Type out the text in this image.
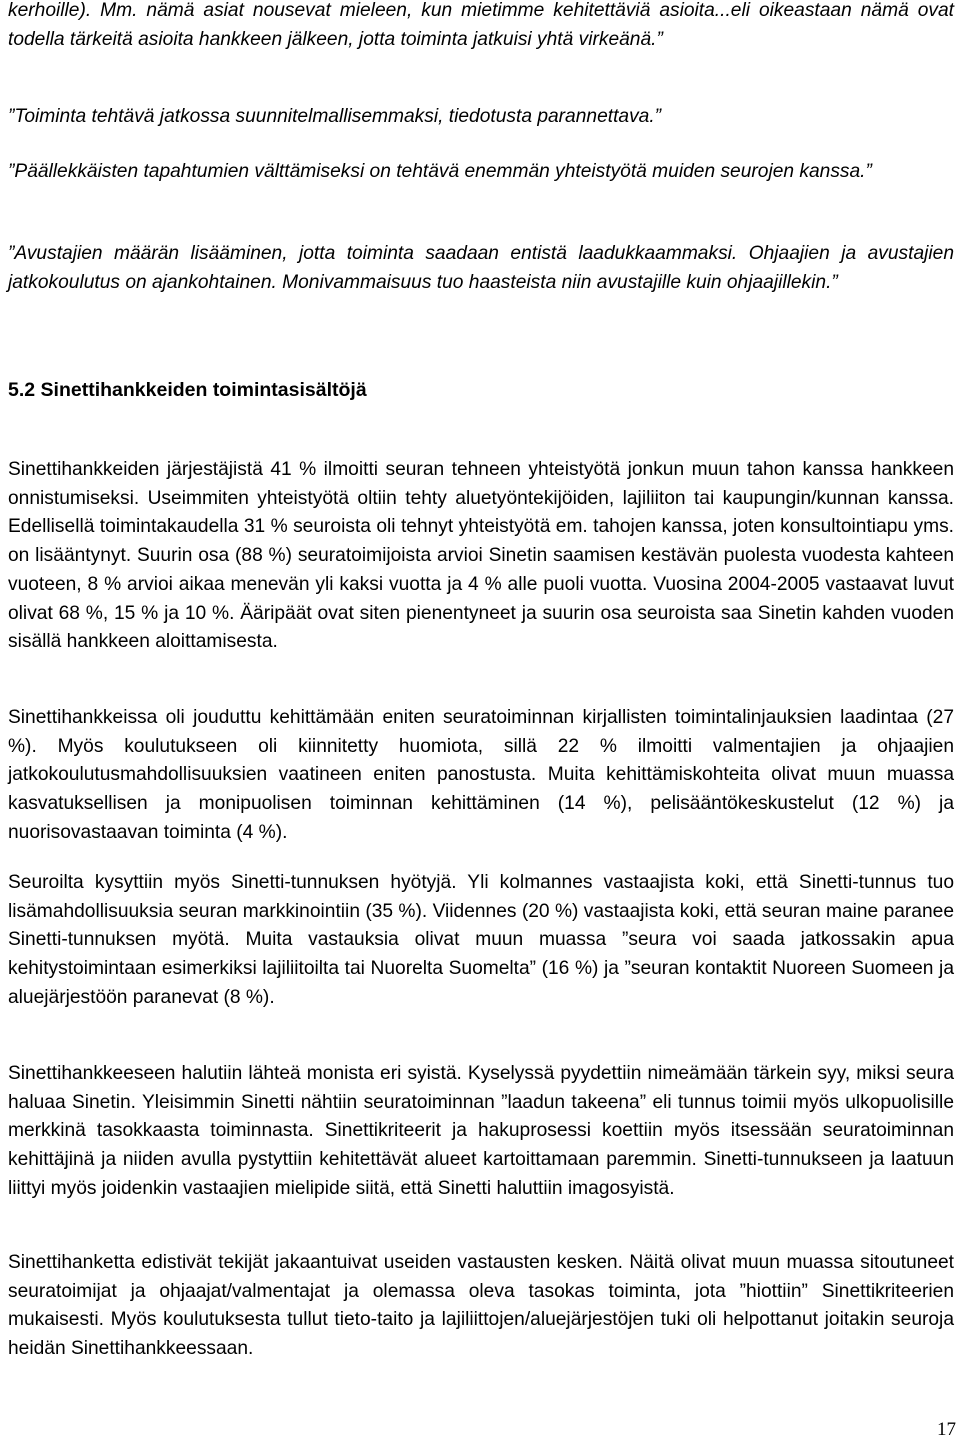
kerhoille). Mm. nämä asiat nousevat mieleen, kun mietimme kehitettäviä asioita...eli oikeastaan nämä ovat todella tärkeitä asioita hankkeen jälkeen, jotta toiminta jatkuisi yhtä virkeänä.”

”Toiminta tehtävä jatkossa suunnitelmallisemmaksi, tiedotusta parannettava.”

”Päällekkäisten tapahtumien välttämiseksi on tehtävä enemmän yhteistyötä muiden seurojen kanssa.”

”Avustajien määrän lisääminen, jotta toiminta saadaan entistä laadukkaammaksi. Ohjaajien ja avustajien jatkokoulutus on ajankohtainen. Monivammaisuus tuo haasteista niin avustajille kuin ohjaajillekin.”

5.2 Sinettihankkeiden toimintasisältöjä

Sinettihankkeiden järjestäjistä 41 % ilmoitti seuran tehneen yhteistyötä jonkun muun tahon kanssa hankkeen onnistumiseksi. Useimmiten yhteistyötä oltiin tehty aluetyöntekijöiden, lajiliiton tai kaupungin/kunnan kanssa. Edellisellä toimintakaudella 31 % seuroista oli tehnyt yhteistyötä em. tahojen kanssa, joten konsultointiapu yms. on lisääntynyt. Suurin osa (88 %) seuratoimijoista arvioi Sinetin saamisen kestävän puolesta vuodesta kahteen vuoteen, 8 % arvioi aikaa menevän yli kaksi vuotta ja 4 % alle puoli vuotta. Vuosina 2004-2005 vastaavat luvut olivat 68 %, 15 % ja 10 %. Ääripäät ovat siten pienentyneet ja suurin osa seuroista saa Sinetin kahden vuoden sisällä hankkeen aloittamisesta.

Sinettihankkeissa oli jouduttu kehittämään eniten seuratoiminnan kirjallisten toimintalinjauksien laadintaa (27 %). Myös koulutukseen oli kiinnitetty huomiota, sillä 22 % ilmoitti valmentajien ja ohjaajien jatkokoulutusmahdollisuuksien vaatineen eniten panostusta. Muita kehittämiskohteita olivat muun muassa kasvatuksellisen ja monipuolisen toiminnan kehittäminen (14 %), pelisääntökeskustelut (12 %) ja nuorisovastaavan toiminta (4 %).

Seuroilta kysyttiin myös Sinetti-tunnuksen hyötyjä. Yli kolmannes vastaajista koki, että Sinetti-tunnus tuo lisämahdollisuuksia seuran markkinointiin (35 %). Viidennes (20 %) vastaajista koki, että seuran maine paranee Sinetti-tunnuksen myötä. Muita vastauksia olivat muun muassa ”seura voi saada jatkossakin apua kehitystoimintaan esimerkiksi lajiliitoilta tai Nuorelta Suomelta” (16 %) ja ”seuran kontaktit Nuoreen Suomeen ja aluejärjestöön paranevat (8 %).

Sinettihankkeeseen halutiin lähteä monista eri syistä. Kyselyssä pyydettiin nimeämään tärkein syy, miksi seura haluaa Sinetin. Yleisimmin Sinetti nähtiin seuratoiminnan ”laadun takeena” eli tunnus toimii myös ulkopuolisille merkkinä tasokkaasta toiminnasta. Sinettikriteerit ja hakuprosessi koettiin myös itsessään seuratoiminnan kehittäjinä ja niiden avulla pystyttiin kehitettävät alueet kartoittamaan paremmin. Sinetti-tunnukseen ja laatuun liittyi myös joidenkin vastaajien mielipide siitä, että Sinetti haluttiin imagosyistä.

Sinettihanketta edistivät tekijät jakaantuivat useiden vastausten kesken. Näitä olivat muun muassa sitoutuneet seuratoimijat ja ohjaajat/valmentajat ja olemassa oleva tasokas toiminta, jota ”hiottiin” Sinettikriteerien mukaisesti. Myös koulutuksesta tullut tieto-taito ja lajiliittojen/aluejärjestöjen tuki oli helpottanut joitakin seuroja heidän Sinettihankkeessaan.

17
